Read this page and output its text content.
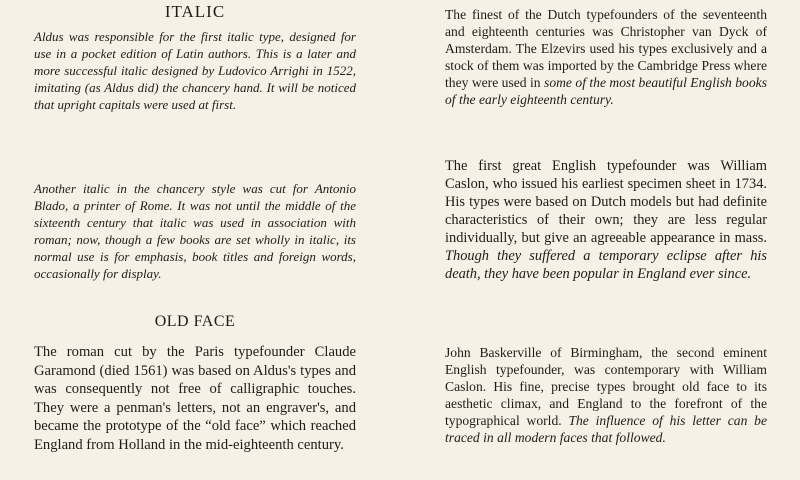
ITALIC

Aldus was responsible for the first italic type, designed for use in a pocket edition of Latin authors. This is a later and more successful italic designed by Ludovico Arrighi in 1522, imitating (as Aldus did) the chancery hand. It will be noticed that upright capitals were used at first.

Another italic in the chancery style was cut for Antonio Blado, a printer of Rome. It was not until the middle of the sixteenth century that italic was used in association with roman; now, though a few books are set wholly in italic, its normal use is for emphasis, book titles and foreign words, occasionally for display.

OLD FACE

The roman cut by the Paris typefounder Claude Garamond (died 1561) was based on Aldus's types and was consequently not free of calligraphic touches. They were a penman's letters, not an engraver's, and became the prototype of the “old face” which reached England from Holland in the mid-eighteenth century.

The finest of the Dutch typefounders of the seventeenth and eighteenth centuries was Christopher van Dyck of Amsterdam. The Elzevirs used his types exclusively and a stock of them was imported by the Cambridge Press where they were used in some of the most beautiful English books of the early eighteenth century.

The first great English typefounder was William Caslon, who issued his earliest specimen sheet in 1734. His types were based on Dutch models but had definite characteristics of their own; they are less regular individually, but give an agreeable appearance in mass. Though they suffered a temporary eclipse after his death, they have been popular in England ever since.

John Baskerville of Birmingham, the second eminent English typefounder, was contemporary with William Caslon. His fine, precise types brought old face to its aesthetic climax, and England to the forefront of the typographical world. The influence of his letter can be traced in all modern faces that followed.
